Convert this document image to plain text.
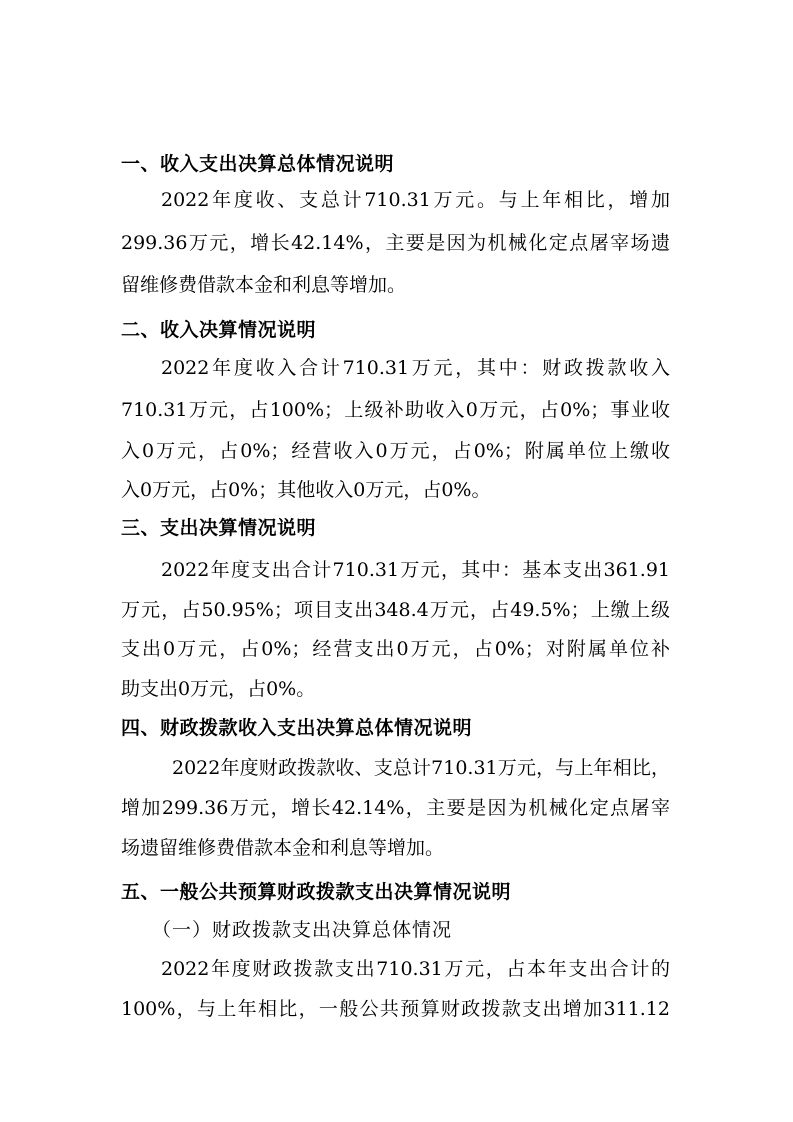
一、收入支出决算总体情况说明
2022年度收、支总计710.31万元。与上年相比，增加
299.36万元，增长42.14%，主要是因为机械化定点屠宰场遗
留维修费借款本金和利息等增加。
二、收入决算情况说明
2022年度收入合计710.31万元，其中：财政拨款收入
710.31万元，占100%；上级补助收入0万元，占0%；事业收
入0万元，占0%；经营收入0万元，占0%；附属单位上缴收
入0万元，占0%；其他收入0万元，占0%。
三、支出决算情况说明
2022年度支出合计710.31万元，其中：基本支出361.91
万元，占50.95%；项目支出348.4万元，占49.5%；上缴上级
支出0万元，占0%；经营支出0万元，占0%；对附属单位补
助支出0万元，占0%。
四、财政拨款收入支出决算总体情况说明
2022年度财政拨款收、支总计710.31万元，与上年相比，
增加299.36万元，增长42.14%，主要是因为机械化定点屠宰
场遗留维修费借款本金和利息等增加。
五、一般公共预算财政拨款支出决算情况说明
（一）财政拨款支出决算总体情况
2022年度财政拨款支出710.31万元，占本年支出合计的
100%，与上年相比，一般公共预算财政拨款支出增加311.12
